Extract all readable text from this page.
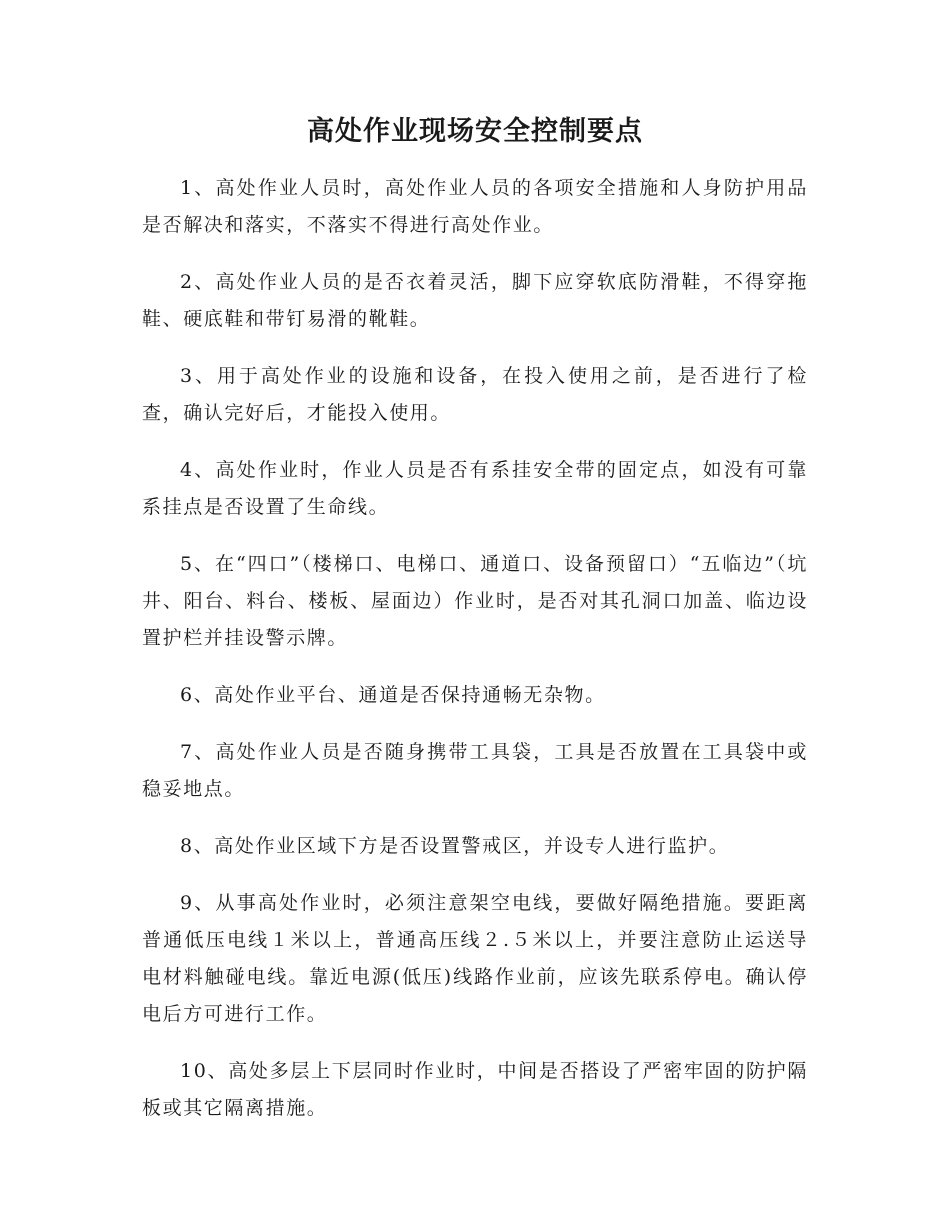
高处作业现场安全控制要点

1、高处作业人员时，高处作业人员的各项安全措施和人身防护用品是否解决和落实，不落实不得进行高处作业。

2、高处作业人员的是否衣着灵活，脚下应穿软底防滑鞋，不得穿拖鞋、硬底鞋和带钉易滑的靴鞋。

3、用于高处作业的设施和设备，在投入使用之前，是否进行了检查，确认完好后，才能投入使用。

4、高处作业时，作业人员是否有系挂安全带的固定点，如没有可靠系挂点是否设置了生命线。

5、在“四口”（楼梯口、电梯口、通道口、设备预留口）“五临边”（坑井、阳台、料台、楼板、屋面边）作业时，是否对其孔洞口加盖、临边设置护栏并挂设警示牌。

6、高处作业平台、通道是否保持通畅无杂物。

7、高处作业人员是否随身携带工具袋，工具是否放置在工具袋中或稳妥地点。

8、高处作业区域下方是否设置警戒区，并设专人进行监护。

9、从事高处作业时，必须注意架空电线，要做好隔绝措施。要距离普通低压电线１米以上，普通高压线２.５米以上，并要注意防止运送导电材料触碰电线。靠近电源(低压)线路作业前，应该先联系停电。确认停电后方可进行工作。

10、高处多层上下层同时作业时，中间是否搭设了严密牢固的防护隔板或其它隔离措施。
